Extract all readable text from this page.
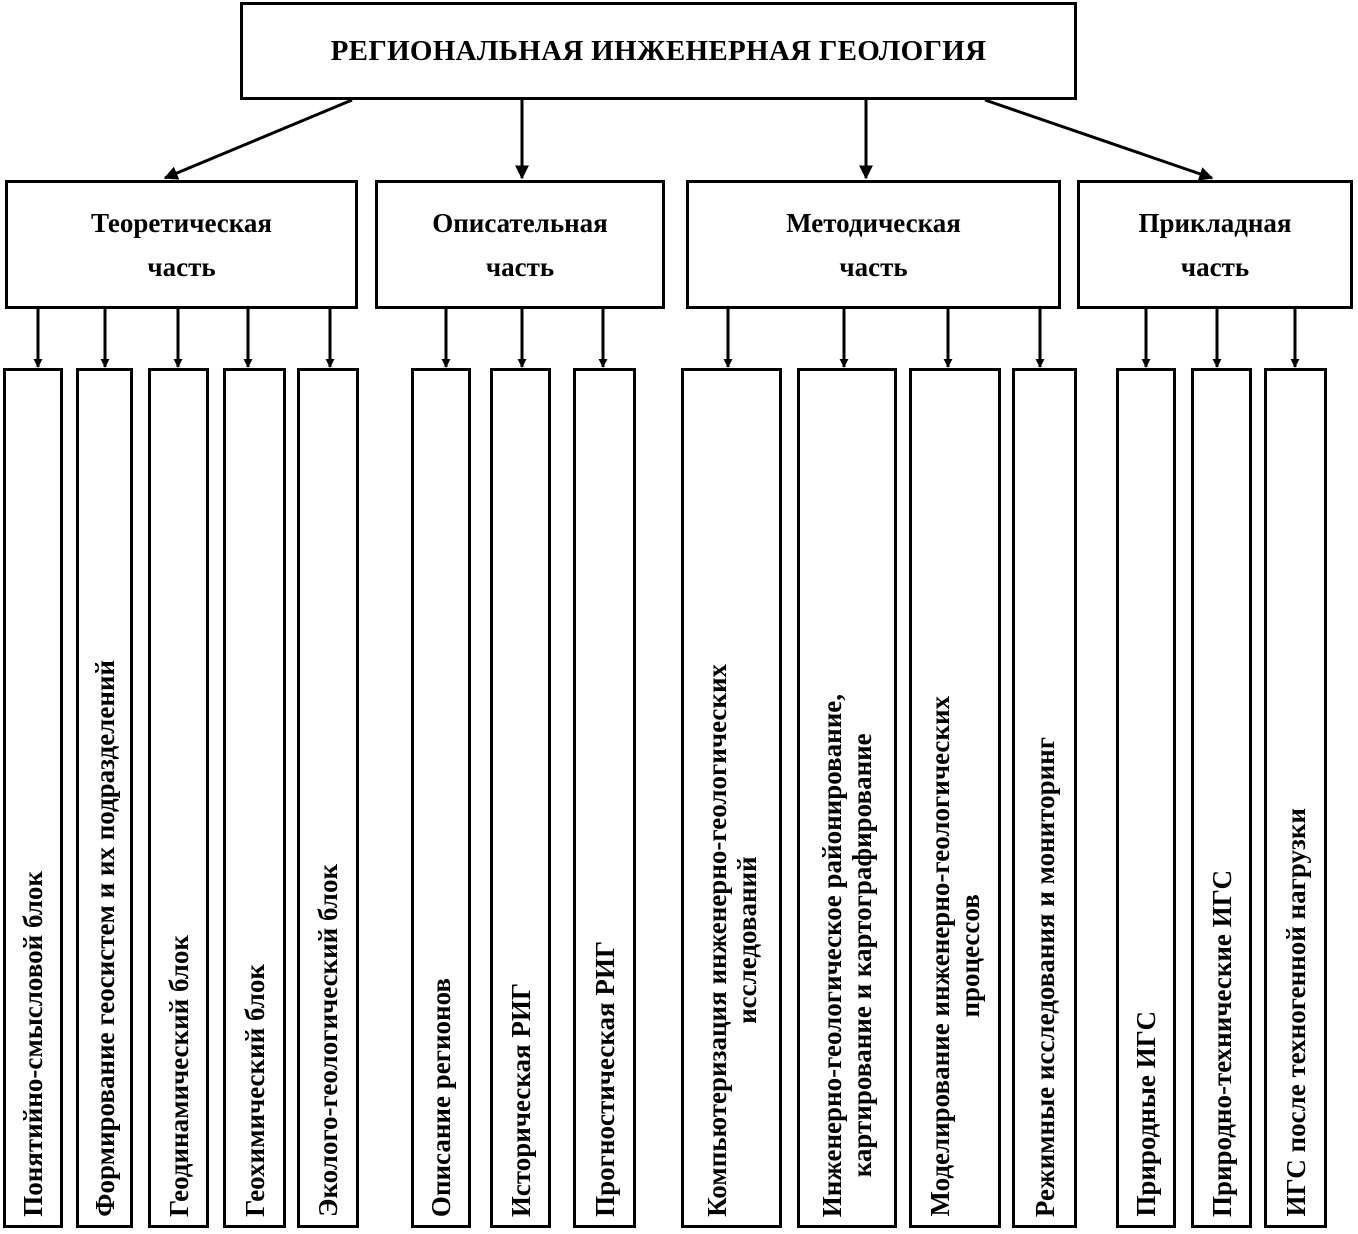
РЕГИОНАЛЬНАЯ ИНЖЕНЕРНАЯ ГЕОЛОГИЯ
Теоретическая
часть
Описательная
часть
Методическая
часть
Прикладная
часть
Понятийно-смысловой блок Формирование геосистем и их подразделений Геодинамический блок Геохимический блок Эколого-геологический блок	Описание регионов Историческая РИГ Прогностическая РИГ	Компьютеризация инженерно-геологических
исследований Инженерно-геологическое районирование,
картирование и картографирование Моделирование инженерно-геологических
процессов Режимные исследования и мониторинг	Природные ИГС Природно-технические ИГС ИГС после техногенной нагрузки
